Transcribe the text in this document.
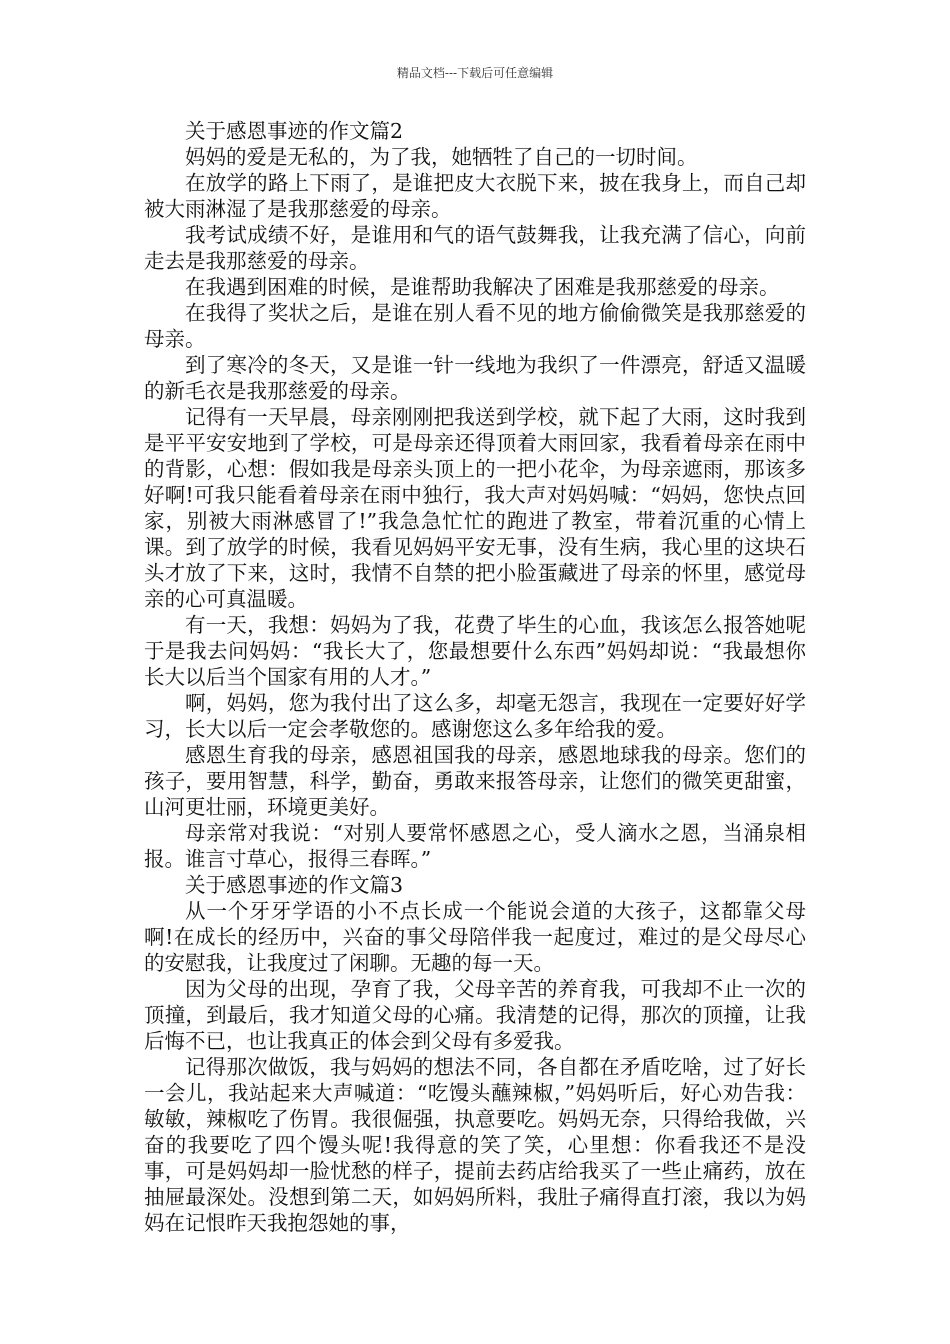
精品文档---下载后可任意编辑

关于感恩事迹的作文篇2

妈妈的爱是无私的，为了我，她牺牲了自己的一切时间。

在放学的路上下雨了，是谁把皮大衣脱下来，披在我身上，而自己却被大雨淋湿了是我那慈爱的母亲。

我考试成绩不好，是谁用和气的语气鼓舞我，让我充满了信心，向前走去是我那慈爱的母亲。

在我遇到困难的时候，是谁帮助我解决了困难是我那慈爱的母亲。

在我得了奖状之后，是谁在别人看不见的地方偷偷微笑是我那慈爱的母亲。

到了寒冷的冬天，又是谁一针一线地为我织了一件漂亮，舒适又温暖的新毛衣是我那慈爱的母亲。

记得有一天早晨，母亲刚刚把我送到学校，就下起了大雨，这时我到是平平安安地到了学校，可是母亲还得顶着大雨回家，我看着母亲在雨中的背影，心想：假如我是母亲头顶上的一把小花伞，为母亲遮雨，那该多好啊!可我只能看着母亲在雨中独行，我大声对妈妈喊：“妈妈，您快点回家，别被大雨淋感冒了!”我急急忙忙的跑进了教室，带着沉重的心情上课。到了放学的时候，我看见妈妈平安无事，没有生病，我心里的这块石头才放了下来，这时，我情不自禁的把小脸蛋藏进了母亲的怀里，感觉母亲的心可真温暖。

有一天，我想：妈妈为了我，花费了毕生的心血，我该怎么报答她呢于是我去问妈妈：“我长大了，您最想要什么东西”妈妈却说：“我最想你长大以后当个国家有用的人才。”

啊，妈妈，您为我付出了这么多，却毫无怨言，我现在一定要好好学习，长大以后一定会孝敬您的。感谢您这么多年给我的爱。

感恩生育我的母亲，感恩祖国我的母亲，感恩地球我的母亲。您们的孩子，要用智慧，科学，勤奋，勇敢来报答母亲，让您们的微笑更甜蜜，山河更壮丽，环境更美好。

母亲常对我说：“对别人要常怀感恩之心，受人滴水之恩，当涌泉相报。谁言寸草心，报得三春晖。”

关于感恩事迹的作文篇3

从一个牙牙学语的小不点长成一个能说会道的大孩子，这都靠父母啊!在成长的经历中，兴奋的事父母陪伴我一起度过，难过的是父母尽心的安慰我，让我度过了闲聊。无趣的每一天。

因为父母的出现，孕育了我，父母辛苦的养育我，可我却不止一次的顶撞，到最后，我才知道父母的心痛。我清楚的记得，那次的顶撞，让我后悔不已，也让我真正的体会到父母有多爱我。

记得那次做饭，我与妈妈的想法不同，各自都在矛盾吃啥，过了好长一会儿，我站起来大声喊道：“吃馒头蘸辣椒，”妈妈听后，好心劝告我：敏敏，辣椒吃了伤胃。我很倔强，执意要吃。妈妈无奈，只得给我做，兴奋的我要吃了四个馒头呢!我得意的笑了笑，心里想：你看我还不是没事，可是妈妈却一脸忧愁的样子，提前去药店给我买了一些止痛药，放在抽屉最深处。没想到第二天，如妈妈所料，我肚子痛得直打滚，我以为妈妈在记恨昨天我抱怨她的事，
